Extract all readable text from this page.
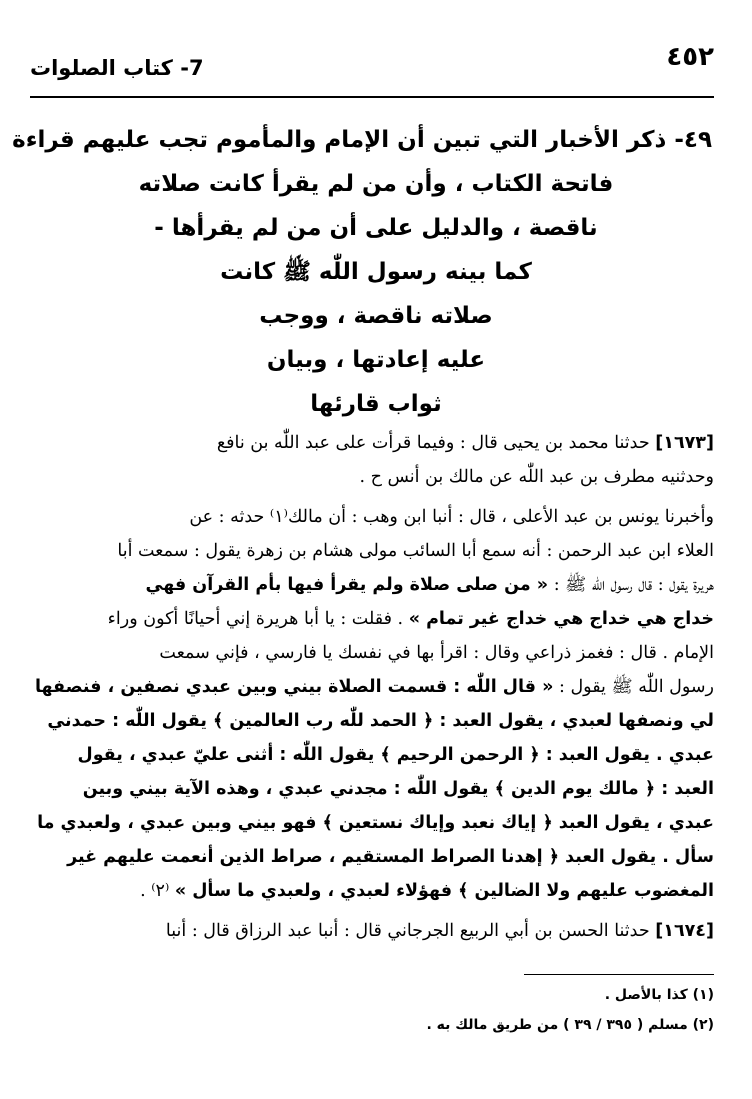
٤٥٢
7- كتاب الصلوات
٤٩- ذكر الأخبار التي تبين أن الإمام والمأموم تجب عليهم قراءة
فاتحة الكتاب ، وأن من لم يقرأ كانت صلاته
ناقصة ، والدليل على أن من لم يقرأها -
كما بينه رسول اللّٰه ﷺ كانت
صلاته ناقصة ، ووجب
عليه إعادتها ، وبيان
ثواب قارئها

[١٦٧٣] حدثنا محمد بن يحيى قال : وفيما قرأت على عبد اللّٰه بن نافع
وحدثنيه مطرف بن عبد اللّٰه عن مالك بن أنس ح .

وأخبرنا يونس بن عبد الأعلى ، قال : أنبا ابن وهب : أن مالك⁽١⁾ حدثه : عن
العلاء ابن عبد الرحمن : أنه سمع أبا السائب مولى هشام بن زهرة يقول : سمعت أبا
هريرة يقول : قال رسول اللّٰه ﷺ : « من صلى صلاة ولم يقرأ فيها بأم القرآن فهي
خداج هي خداج هي خداج غير تمام » . فقلت : يا أبا هريرة إني أحيانًا أكون وراء
الإمام . قال : فغمز ذراعي وقال : اقرأ بها في نفسك يا فارسي ، فإني سمعت
رسول اللّٰه ﷺ يقول : « قال اللّٰه : قسمت الصلاة بيني وبين عبدي نصفين ، فنصفها
لي ونصفها لعبدي ، يقول العبد : ﴿ الحمد للّٰه رب العالمين ﴾ يقول اللّٰه : حمدني
عبدي . يقول العبد : ﴿ الرحمن الرحيم ﴾ يقول اللّٰه : أثنى عليّ عبدي ، يقول
العبد : ﴿ مالك يوم الدين ﴾ يقول اللّٰه : مجدني عبدي ، وهذه الآية بيني وبين
عبدي ، يقول العبد ﴿ إياك نعبد وإياك نستعين ﴾ فهو بيني وبين عبدي ، ولعبدي ما
سأل . يقول العبد ﴿ إهدنا الصراط المستقيم ، صراط الذين أنعمت عليهم غير
المغضوب عليهم ولا الضالين ﴾ فهؤلاء لعبدي ، ولعبدي ما سأل » ⁽٢⁾ .

[١٦٧٤] حدثنا الحسن بن أبي الربيع الجرجاني قال : أنبا عبد الرزاق قال : أنبا

(١) كذا بالأصل .

(٢) مسلم ( ٣٩٥ / ٣٩ ) من طريق مالك به .
